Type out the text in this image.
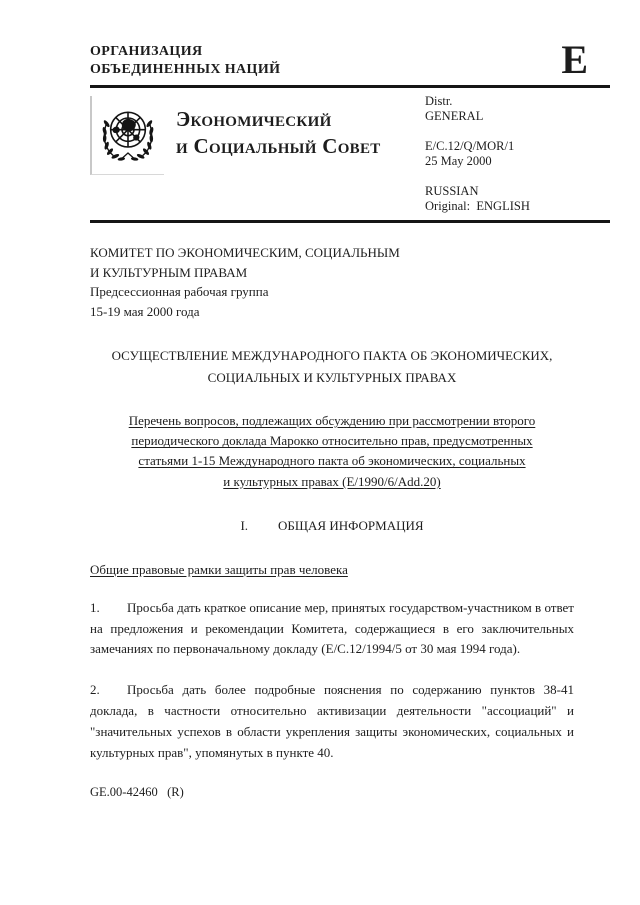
ОРГАНИЗАЦИЯ
ОБЪЕДИНЕННЫХ НАЦИЙ	E
Экономический
и Социальный Совет
Distr.
GENERAL
E/C.12/Q/MOR/1
25 May 2000
RUSSIAN
Original:  ENGLISH
КОМИТЕТ ПО ЭКОНОМИЧЕСКИМ, СОЦИАЛЬНЫМ
И КУЛЬТУРНЫМ ПРАВАМ
Предсессионная рабочая группа
15-19 мая 2000 года
ОСУЩЕСТВЛЕНИЕ МЕЖДУНАРОДНОГО ПАКТА ОБ ЭКОНОМИЧЕСКИХ,
СОЦИАЛЬНЫХ И КУЛЬТУРНЫХ ПРАВАХ
Перечень вопросов, подлежащих обсуждению при рассмотрении второго
периодического доклада Марокко относительно прав, предусмотренных
статьями 1-15 Международного пакта об экономических, социальных
и культурных правах (E/1990/6/Add.20)
I. ОБЩАЯ ИНФОРМАЦИЯ
Общие правовые рамки защиты прав человека

1. Просьба дать краткое описание мер, принятых государством-участником в ответ на предложения и рекомендации Комитета, содержащиеся в его заключительных замечаниях по первоначальному докладу (E/C.12/1994/5 от 30 мая 1994 года).

2. Просьба дать более подробные пояснения по содержанию пунктов 38-41 доклада, в частности относительно активизации деятельности "ассоциаций" и "значительных успехов в области укрепления защиты экономических, социальных и культурных прав", упомянутых в пункте 40.

GE.00-42460   (R)
